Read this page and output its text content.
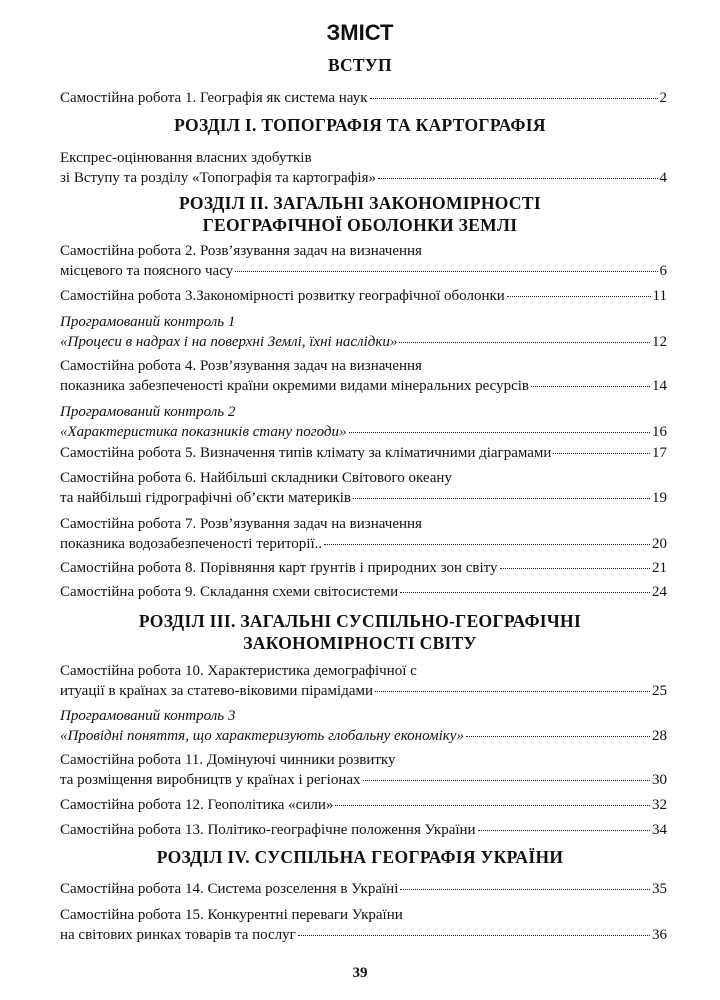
ЗМІСТ
ВСТУП
Самостійна робота 1. Географія як система наук	2
РОЗДІЛ І. ТОПОГРАФІЯ ТА КАРТОГРАФІЯ
Експрес-оцінювання власних здобутків
зі Вступу та розділу «Топографія та картографія»	4
РОЗДІЛ ІІ. ЗАГАЛЬНІ ЗАКОНОМІРНОСТІ
ГЕОГРАФІЧНОЇ ОБОЛОНКИ ЗЕМЛІ
Самостійна робота 2. Розв’язування задач на визначення
місцевого та поясного часу	6
Самостійна робота 3.Закономірності розвитку географічної оболонки	11
Програмований контроль 1
«Процеси в надрах і на поверхні Землі, їхні наслідки»	12
Самостійна робота 4. Розв’язування задач на визначення
показника забезпеченості країни окремими видами мінеральних ресурсів	14
Програмований контроль 2
«Характеристика показників стану погоди»	16
Самостійна робота 5. Визначення типів клімату за кліматичними діаграмами	17
Самостійна робота 6. Найбільші складники Світового океану
та найбільші гідрографічні об’єкти материків	19
Самостійна робота 7. Розв’язування задач на визначення
показника водозабезпеченості території..	20
Самостійна робота 8. Порівняння карт ґрунтів і природних зон світу	21
Самостійна робота 9. Складання схеми світосистеми	24
РОЗДІЛ ІІІ. ЗАГАЛЬНІ СУСПІЛЬНО-ГЕОГРАФІЧНІ
ЗАКОНОМІРНОСТІ СВІТУ
Самостійна робота 10. Характеристика демографічної с
итуації в країнах за статево-віковими пірамідами	25
Програмований контроль 3
«Провідні поняття, що характеризують глобальну економіку»	28
Самостійна робота 11. Домінуючі чинники розвитку
та розміщення виробництв у країнах і регіонах	30
Самостійна робота 12. Геополітика «сили»	32
Самостійна робота 13. Політико-географічне положення України	34
РОЗДІЛ IV. СУСПІЛЬНА ГЕОГРАФІЯ УКРАЇНИ
Самостійна робота 14. Система розселення в Україні	35
Самостійна робота 15. Конкурентні переваги України
на світових ринках товарів та послуг	36
39
